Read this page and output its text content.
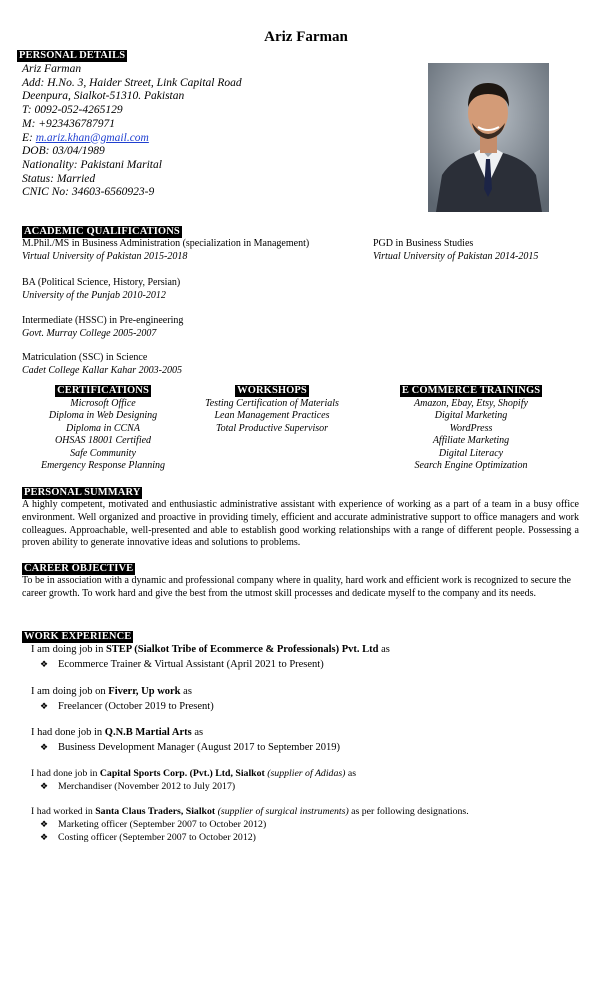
Ariz Farman
PERSONAL DETAILS
Ariz Farman
Add: H.No. 3, Haider Street, Link Capital Road
Deenpura, Sialkot-51310. Pakistan
T: 0092-052-4265129
M: +923436787971
E: m.ariz.khan@gmail.com
DOB: 03/04/1989
Nationality: Pakistani Marital
Status: Married
CNIC No: 34603-6560923-9
ACADEMIC QUALIFICATIONS
M.Phil./MS in Business Administration (specialization in Management)
Virtual University of Pakistan 2015-2018
PGD in Business Studies
Virtual University of Pakistan 2014-2015
BA (Political Science, History, Persian)
University of the Punjab 2010-2012
Intermediate (HSSC) in Pre-engineering
Govt. Murray College 2005-2007
Matriculation (SSC) in Science
Cadet College Kallar Kahar 2003-2005
CERTIFICATIONS
Microsoft Office
Diploma in Web Designing
Diploma in CCNA
OHSAS 18001 Certified
Safe Community
Emergency Response Planning
WORKSHOPS
Testing Certification of Materials
Lean Management Practices
Total Productive Supervisor
E COMMERCE TRAININGS
Amazon, Ebay, Etsy, Shopify
Digital Marketing
WordPress
Affiliate Marketing
Digital Literacy
Search Engine Optimization
PERSONAL SUMMARY
A highly competent, motivated and enthusiastic administrative assistant with experience of working as a part of a team in a busy office environment. Well organized and proactive in providing timely, efficient and accurate administrative support to office managers and work colleagues. Approachable, well-presented and able to establish good working relationships with a range of different people. Possessing a proven ability to generate innovative ideas and solutions to problems.
CAREER OBJECTIVE
To be in association with a dynamic and professional company where in quality, hard work and efficient work is recognized to secure the career growth. To work hard and give the best from the utmost skill processes and dedicate myself to the company and its needs.
WORK EXPERIENCE
I am doing job in STEP (Sialkot Tribe of Ecommerce & Professionals) Pvt. Ltd as
❖ Ecommerce Trainer & Virtual Assistant (April 2021 to Present)
I am doing job on Fiverr, Up work as
❖ Freelancer (October 2019 to Present)
I had done job in Q.N.B Martial Arts as
❖ Business Development Manager (August 2017 to September 2019)
I had done job in Capital Sports Corp. (Pvt.) Ltd, Sialkot (supplier of Adidas) as
❖ Merchandiser (November 2012 to July 2017)
I had worked in Santa Claus Traders, Sialkot (supplier of surgical instruments) as per following designations.
❖ Marketing officer (September 2007 to October 2012)
❖ Costing officer (September 2007 to October 2012)
